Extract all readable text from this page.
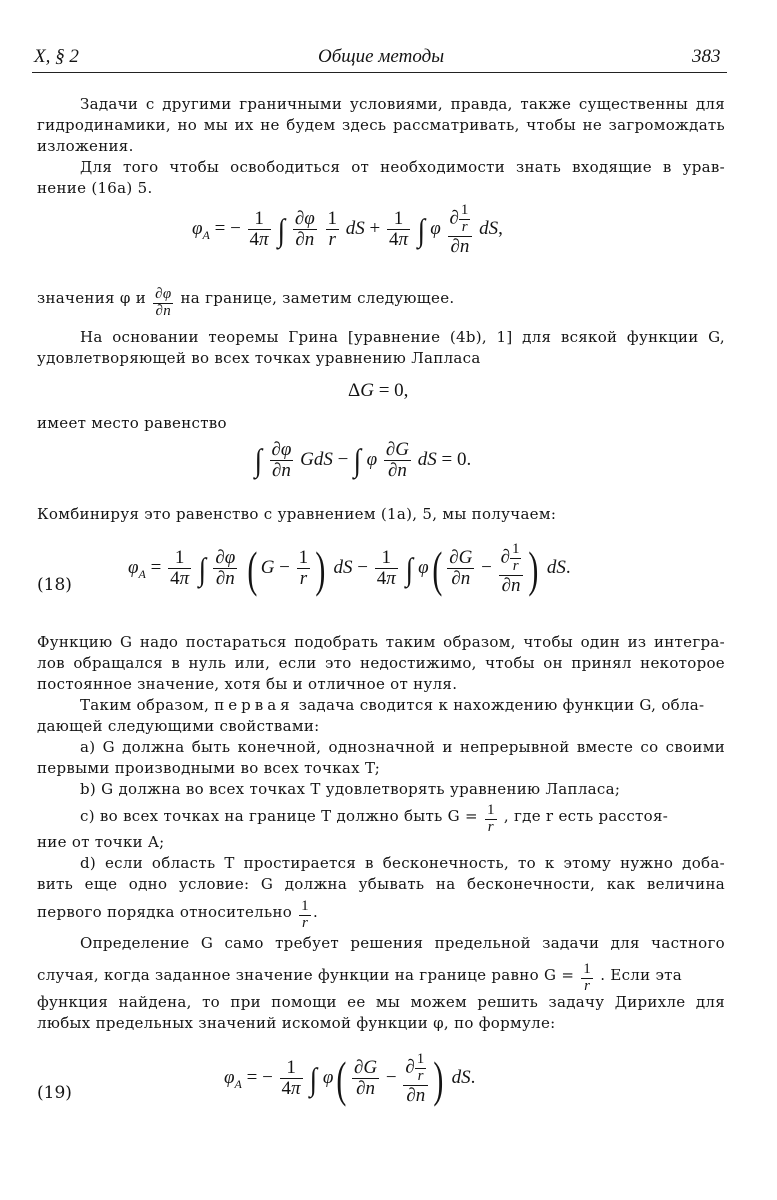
X, § 2	Общие методы	383
Задачи с другими граничными условиями, правда, также существенны для
гидродинамики, но мы их не будем здесь рассматривать, чтобы не загромождать
изложения.
Для того чтобы освободиться от необходимости знать входящие в урав-
нение (16а) 5.
$\varphi_A$ = − $\frac{1}{4\pi}$ ∫ $\frac{\partial\varphi}{\partial n}$
$\frac{1}{r}$ dS + $\frac{1}{4\pi}$ ∫ φ $\frac{\partial \frac{1}{r}}{\partial n}$ dS,
значения φ и $\frac{\partial\varphi}{\partial n}$ на границе, заметим следующее.
На основании теоремы Грина [уравнение (4b), 1] для всякой функции G,
удовлетворяющей во всех точках уравнению Лапласа
ΔG = 0,
имеет место равенство
∫ $\frac{\partial\varphi}{\partial n}$ GdS − ∫ φ $\frac{\partial G}{\partial n}$ dS = 0.
Комбинируя это равенство с уравнением (1а), 5, мы получаем:
(18)
$\varphi_A = \frac{1}{4\pi}$ ∫ $\frac{\partial\varphi}{\partial n}$ ( $G - \frac{1}{r}$ ) dS − $\frac{1}{4\pi}$ ∫ $\varphi( \frac{\partial G}{\partial n} - \frac{\partial \frac{1}{r}}{\partial n}$ ) dS.
Функцию G надо постараться подобрать таким образом, чтобы один из интегра-
лов обращался в нуль или, если это недостижимо, чтобы он принял некоторое
постоянное значение, хотя бы и отличное от нуля.
Таким образом, первая задача сводится к нахождению функции G, обла-
дающей следующими свойствами:
а) G должна быть конечной, однозначной и непрерывной вместе со своими
первыми производными во всех точках T;
b) G должна во всех точках T удовлетворять уравнению Лапласа;
с) во всех точках на границе T должно быть $G = \frac{1}{r}$ , где r есть расстоя-
ние от точки A;
d) если область T простирается в бесконечность, то к этому нужно доба-
вить еще одно условие: G должна убывать на бесконечности, как величина
первого порядка относительно $\frac{1}{r}$ .
Определение G само требует решения предельной задачи для частного
случая, когда заданное значение функции на границе равно $G = \frac{1}{r}$ . Если эта
функция найдена, то при помощи ее мы можем решить задачу Дирихле для
любых предельных значений искомой функции φ, по формуле:
(19)
$\varphi_A$ = − $\frac{1}{4\pi}$ ∫ $\varphi( \frac{\partial G}{\partial n} - \frac{\partial \frac{1}{r}}{\partial n}$ ) dS.
